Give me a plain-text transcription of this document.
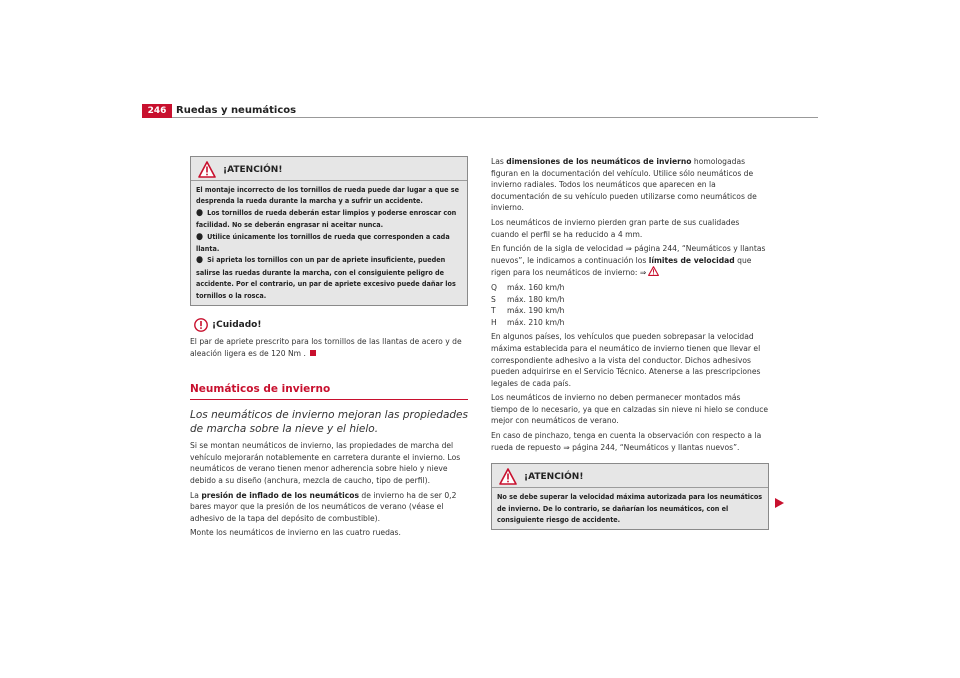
246 Ruedas y neumáticos
¡ATENCIÓN!

El montaje incorrecto de los tornillos de rueda puede dar lugar a que se desprenda la rueda durante la marcha y a sufrir un accidente.

● Los tornillos de rueda deberán estar limpios y poderse enroscar con facilidad. No se deberán engrasar ni aceitar nunca.

● Utilice únicamente los tornillos de rueda que corresponden a cada llanta.

● Si aprieta los tornillos con un par de apriete insuficiente, pueden salirse las ruedas durante la marcha, con el consiguiente peligro de accidente. Por el contrario, un par de apriete excesivo puede dañar los tornillos o la rosca.

¡Cuidado!
El par de apriete prescrito para los tornillos de las llantas de acero y de aleación ligera es de 120 Nm .
Neumáticos de invierno
Los neumáticos de invierno mejoran las propiedades de marcha sobre la nieve y el hielo.
Si se montan neumáticos de invierno, las propiedades de marcha del vehículo mejorarán notablemente en carretera durante el invierno. Los neumáticos de verano tienen menor adherencia sobre hielo y nieve debido a su diseño (anchura, mezcla de caucho, tipo de perfil).
La presión de inflado de los neumáticos de invierno ha de ser 0,2 bares mayor que la presión de los neumáticos de verano (véase el adhesivo de la tapa del depósito de combustible).
Monte los neumáticos de invierno en las cuatro ruedas.
Las dimensiones de los neumáticos de invierno homologadas figuran en la documentación del vehículo. Utilice sólo neumáticos de invierno radiales. Todos los neumáticos que aparecen en la documentación de su vehículo pueden utilizarse como neumáticos de invierno.
Los neumáticos de invierno pierden gran parte de sus cualidades cuando el perfil se ha reducido a 4 mm.
En función de la sigla de velocidad ⇒ página 244, “Neumáticos y llantas nuevos”, le indicamos a continuación los límites de velocidad que rigen para los neumáticos de invierno: ⇒
Q	máx. 160 km/h
S	máx. 180 km/h
T	máx. 190 km/h
H	máx. 210 km/h
En algunos países, los vehículos que pueden sobrepasar la velocidad máxima establecida para el neumático de invierno tienen que llevar el correspondiente adhesivo a la vista del conductor. Dichos adhesivos pueden adquirirse en el Servicio Técnico. Atenerse a las prescripciones legales de cada país.
Los neumáticos de invierno no deben permanecer montados más tiempo de lo necesario, ya que en calzadas sin nieve ni hielo se conduce mejor con neumáticos de verano.
En caso de pinchazo, tenga en cuenta la observación con respecto a la rueda de repuesto ⇒ página 244, “Neumáticos y llantas nuevos”.
¡ATENCIÓN!

No se debe superar la velocidad máxima autorizada para los neumáticos de invierno. De lo contrario, se dañarían los neumáticos, con el consiguiente riesgo de accidente.
